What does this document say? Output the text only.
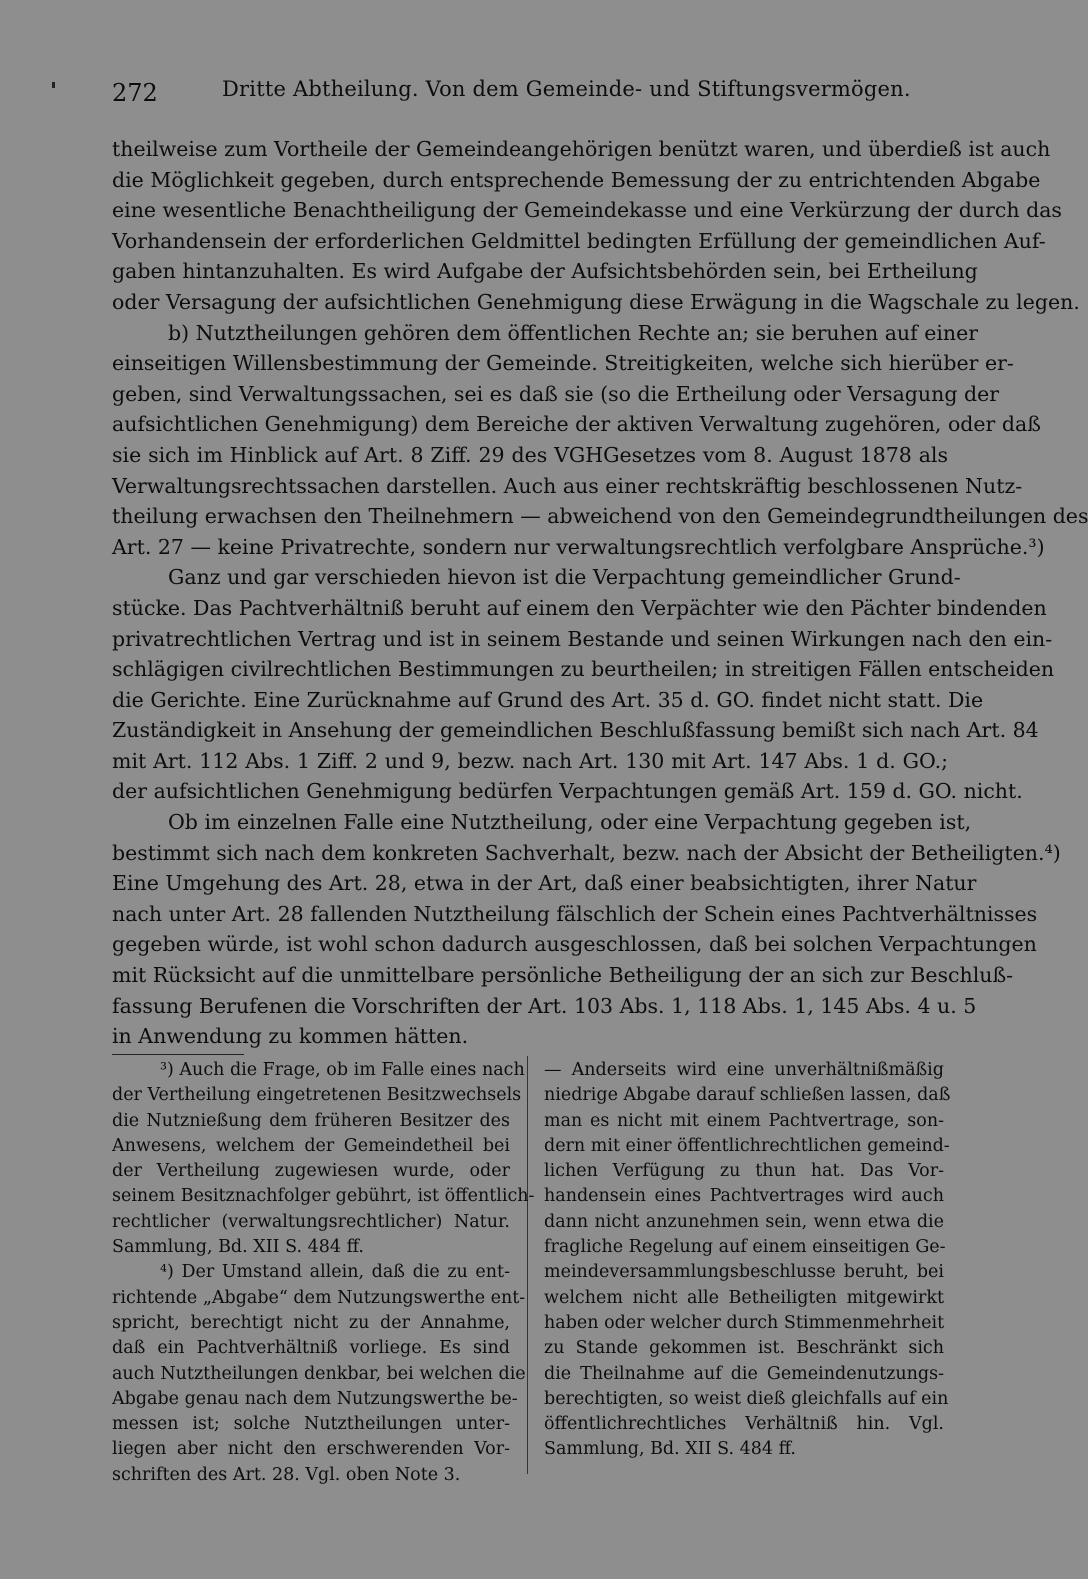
272	Dritte Abtheilung. Von dem Gemeinde- und Stiftungsvermögen.
theilweise zum Vortheile der Gemeindeangehörigen benützt waren, und überdieß ist auch
die Möglichkeit gegeben, durch entsprechende Bemessung der zu entrichtenden Abgabe
eine wesentliche Benachtheiligung der Gemeindekasse und eine Verkürzung der durch das
Vorhandensein der erforderlichen Geldmittel bedingten Erfüllung der gemeindlichen Auf-
gaben hintanzuhalten. Es wird Aufgabe der Aufsichtsbehörden sein, bei Ertheilung
oder Versagung der aufsichtlichen Genehmigung diese Erwägung in die Wagschale zu legen.
b) Nutztheilungen gehören dem öffentlichen Rechte an; sie beruhen auf einer
einseitigen Willensbestimmung der Gemeinde. Streitigkeiten, welche sich hierüber er-
geben, sind Verwaltungssachen, sei es daß sie (so die Ertheilung oder Versagung der
aufsichtlichen Genehmigung) dem Bereiche der aktiven Verwaltung zugehören, oder daß
sie sich im Hinblick auf Art. 8 Ziff. 29 des VGHGesetzes vom 8. August 1878 als
Verwaltungsrechtssachen darstellen. Auch aus einer rechtskräftig beschlossenen Nutz-
theilung erwachsen den Theilnehmern — abweichend von den Gemeindegrundtheilungen des
Art. 27 — keine Privatrechte, sondern nur verwaltungsrechtlich verfolgbare Ansprüche.³)
Ganz und gar verschieden hievon ist die Verpachtung gemeindlicher Grund-
stücke. Das Pachtverhältniß beruht auf einem den Verpächter wie den Pächter bindenden
privatrechtlichen Vertrag und ist in seinem Bestande und seinen Wirkungen nach den ein-
schlägigen civilrechtlichen Bestimmungen zu beurtheilen; in streitigen Fällen entscheiden
die Gerichte. Eine Zurücknahme auf Grund des Art. 35 d. GO. findet nicht statt. Die
Zuständigkeit in Ansehung der gemeindlichen Beschlußfassung bemißt sich nach Art. 84
mit Art. 112 Abs. 1 Ziff. 2 und 9, bezw. nach Art. 130 mit Art. 147 Abs. 1 d. GO.;
der aufsichtlichen Genehmigung bedürfen Verpachtungen gemäß Art. 159 d. GO. nicht.
Ob im einzelnen Falle eine Nutztheilung, oder eine Verpachtung gegeben ist,
bestimmt sich nach dem konkreten Sachverhalt, bezw. nach der Absicht der Betheiligten.⁴)
Eine Umgehung des Art. 28, etwa in der Art, daß einer beabsichtigten, ihrer Natur
nach unter Art. 28 fallenden Nutztheilung fälschlich der Schein eines Pachtverhältnisses
gegeben würde, ist wohl schon dadurch ausgeschlossen, daß bei solchen Verpachtungen
mit Rücksicht auf die unmittelbare persönliche Betheiligung der an sich zur Beschluß-
fassung Berufenen die Vorschriften der Art. 103 Abs. 1, 118 Abs. 1, 145 Abs. 4 u. 5
in Anwendung zu kommen hätten.
³) Auch die Frage, ob im Falle eines nach
der Vertheilung eingetretenen Besitzwechsels
die Nutznießung dem früheren Besitzer des
Anwesens, welchem der Gemeindetheil bei
der Vertheilung zugewiesen wurde, oder
seinem Besitznachfolger gebührt, ist öffentlich-
rechtlicher (verwaltungsrechtlicher) Natur.
Sammlung, Bd. XII S. 484 ff.
⁴) Der Umstand allein, daß die zu ent-
richtende „Abgabe“ dem Nutzungswerthe ent-
spricht, berechtigt nicht zu der Annahme,
daß ein Pachtverhältniß vorliege. Es sind
auch Nutztheilungen denkbar, bei welchen die
Abgabe genau nach dem Nutzungswerthe be-
messen ist; solche Nutztheilungen unter-
liegen aber nicht den erschwerenden Vor-
schriften des Art. 28. Vgl. oben Note 3.
— Anderseits wird eine unverhältnißmäßig
niedrige Abgabe darauf schließen lassen, daß
man es nicht mit einem Pachtvertrage, son-
dern mit einer öffentlichrechtlichen gemeind-
lichen Verfügung zu thun hat. Das Vor-
handensein eines Pachtvertrages wird auch
dann nicht anzunehmen sein, wenn etwa die
fragliche Regelung auf einem einseitigen Ge-
meindeversammlungsbeschlusse beruht, bei
welchem nicht alle Betheiligten mitgewirkt
haben oder welcher durch Stimmenmehrheit
zu Stande gekommen ist. Beschränkt sich
die Theilnahme auf die Gemeindenutzungs-
berechtigten, so weist dieß gleichfalls auf ein
öffentlichrechtliches Verhältniß hin. Vgl.
Sammlung, Bd. XII S. 484 ff.
